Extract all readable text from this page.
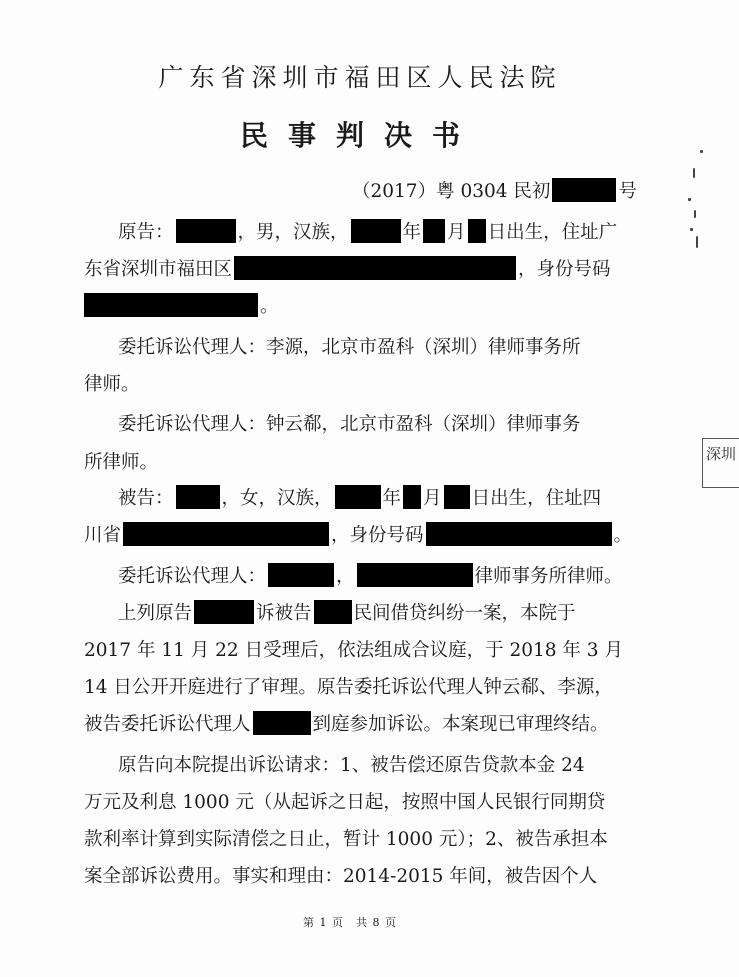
广东省深圳市福田区人民法院
民事判决书
（2017）粤 0304 民初	号
原告：	，男，汉族，	年 月 日出生，住址广
东省深圳市福田区	，身份号码
。
委托诉讼代理人：李源，北京市盈科（深圳）律师事务所
律师。
委托诉讼代理人：钟云郗，北京市盈科（深圳）律师事务
所律师。
被告：	，女，汉族，	年 月 日出生，住址四
川省	，身份号码	。
委托诉讼代理人：	，	律师事务所律师。
上列原告	诉被告 民间借贷纠纷一案，本院于
2017 年 11 月 22 日受理后，依法组成合议庭，于 2018 年 3 月
14 日公开开庭进行了审理。原告委托诉讼代理人钟云郗、李源，
被告委托诉讼代理人	到庭参加诉讼。本案现已审理终结。
原告向本院提出诉讼请求：1、被告偿还原告贷款本金 24
万元及利息 1000 元（从起诉之日起，按照中国人民银行同期贷
款利率计算到实际清偿之日止，暂计 1000 元）；2、被告承担本
案全部诉讼费用。事实和理由：2014-2015 年间，被告因个人
第 1 页　共 8 页
深圳
